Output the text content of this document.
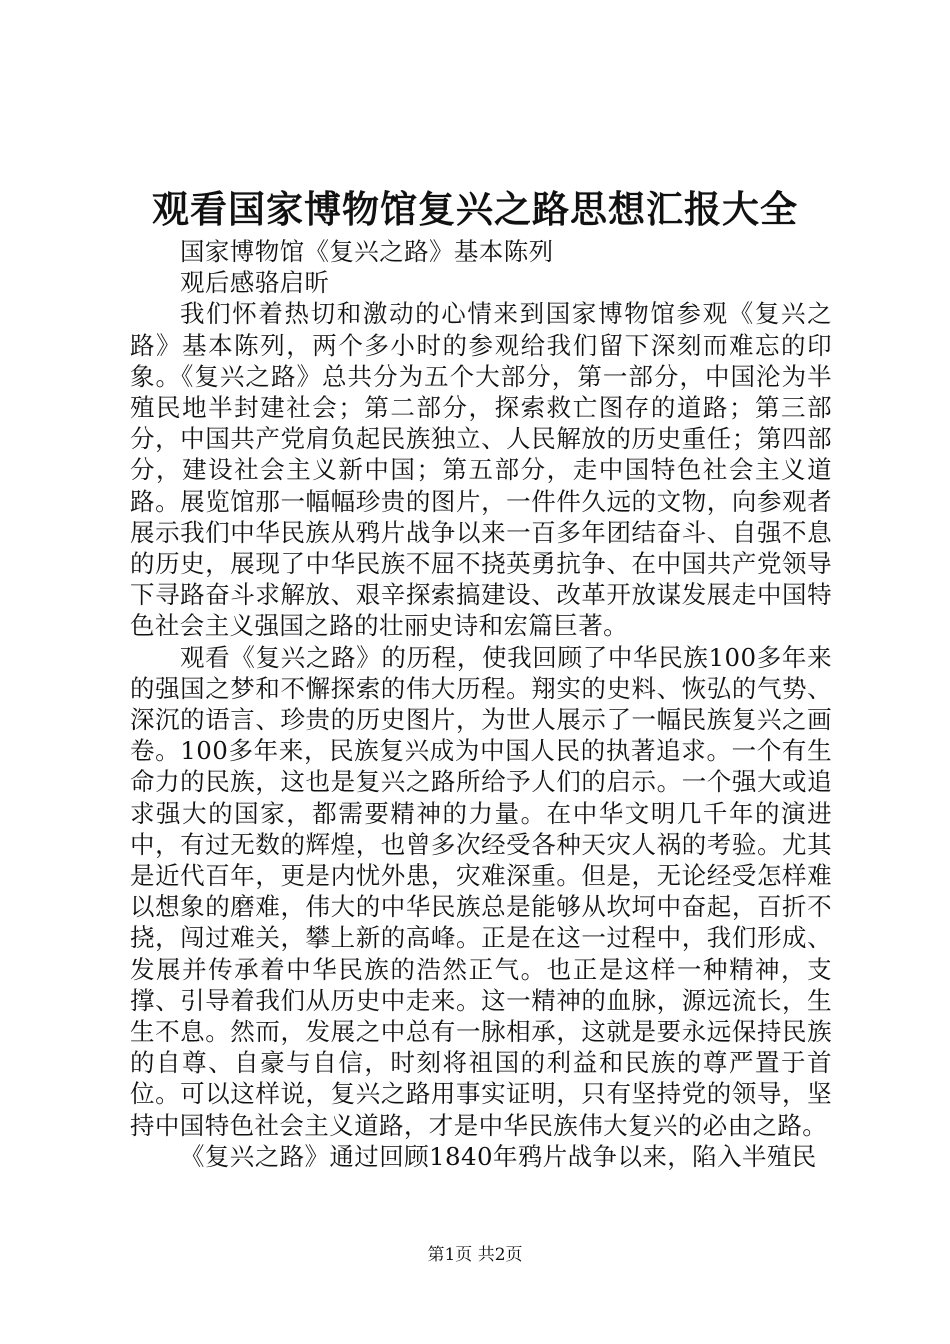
观看国家博物馆复兴之路思想汇报大全

国家博物馆《复兴之路》基本陈列

观后感骆启昕

我们怀着热切和激动的心情来到国家博物馆参观《复兴之路》基本陈列，两个多小时的参观给我们留下深刻而难忘的印象。《复兴之路》总共分为五个大部分，第一部分，中国沦为半殖民地半封建社会；第二部分，探索救亡图存的道路；第三部分，中国共产党肩负起民族独立、人民解放的历史重任；第四部分，建设社会主义新中国；第五部分，走中国特色社会主义道路。展览馆那一幅幅珍贵的图片，一件件久远的文物，向参观者展示我们中华民族从鸦片战争以来一百多年团结奋斗、自强不息的历史，展现了中华民族不屈不挠英勇抗争、在中国共产党领导下寻路奋斗求解放、艰辛探索搞建设、改革开放谋发展走中国特色社会主义强国之路的壮丽史诗和宏篇巨著。

观看《复兴之路》的历程，使我回顾了中华民族100多年来的强国之梦和不懈探索的伟大历程。翔实的史料、恢弘的气势、深沉的语言、珍贵的历史图片，为世人展示了一幅民族复兴之画卷。100多年来，民族复兴成为中国人民的执著追求。一个有生命力的民族，这也是复兴之路所给予人们的启示。一个强大或追求强大的国家，都需要精神的力量。在中华文明几千年的演进中，有过无数的辉煌，也曾多次经受各种天灾人祸的考验。尤其是近代百年，更是内忧外患，灾难深重。但是，无论经受怎样难以想象的磨难，伟大的中华民族总是能够从坎坷中奋起，百折不挠，闯过难关，攀上新的高峰。正是在这一过程中，我们形成、发展并传承着中华民族的浩然正气。也正是这样一种精神，支撑、引导着我们从历史中走来。这一精神的血脉，源远流长，生生不息。然而，发展之中总有一脉相承，这就是要永远保持民族的自尊、自豪与自信，时刻将祖国的利益和民族的尊严置于首位。可以这样说，复兴之路用事实证明，只有坚持党的领导，坚持中国特色社会主义道路，才是中华民族伟大复兴的必由之路。

《复兴之路》通过回顾1840年鸦片战争以来，陷入半殖民

第1页 共2页
